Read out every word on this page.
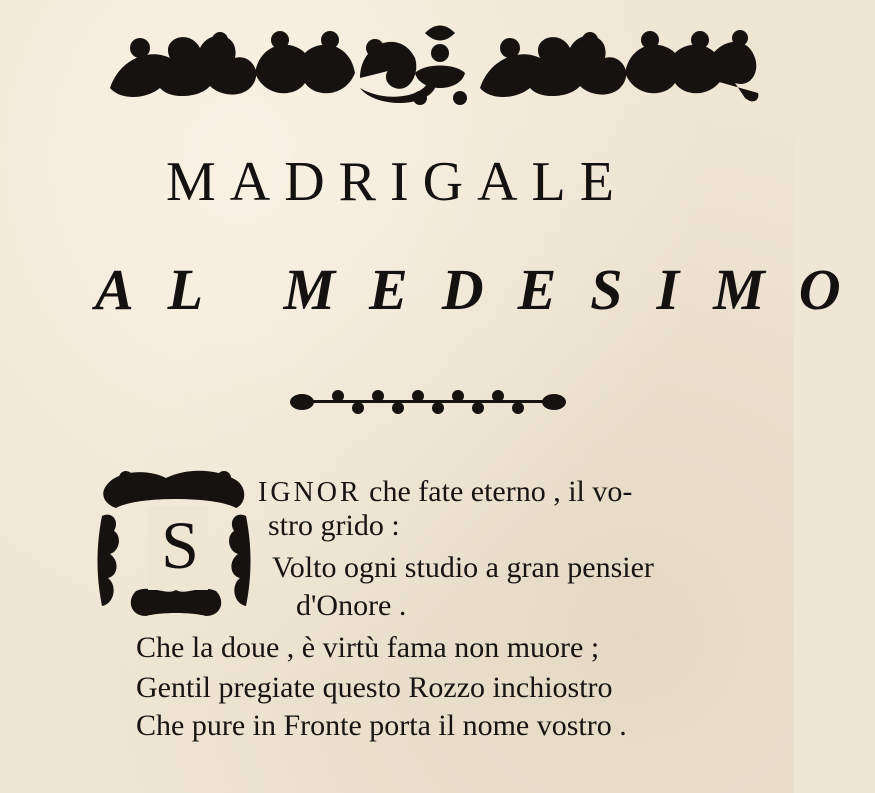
MADRIGALE
AL MEDESIMO
S
IGNOR che fate eterno , il vo-
stro grido :
Volto ogni studio a gran pensier
d'Onore .
Che la doue , è virtù fama non muore ;
Gentil pregiate questo Rozzo inchiostro
Che pure in Fronte porta il nome vostro .
